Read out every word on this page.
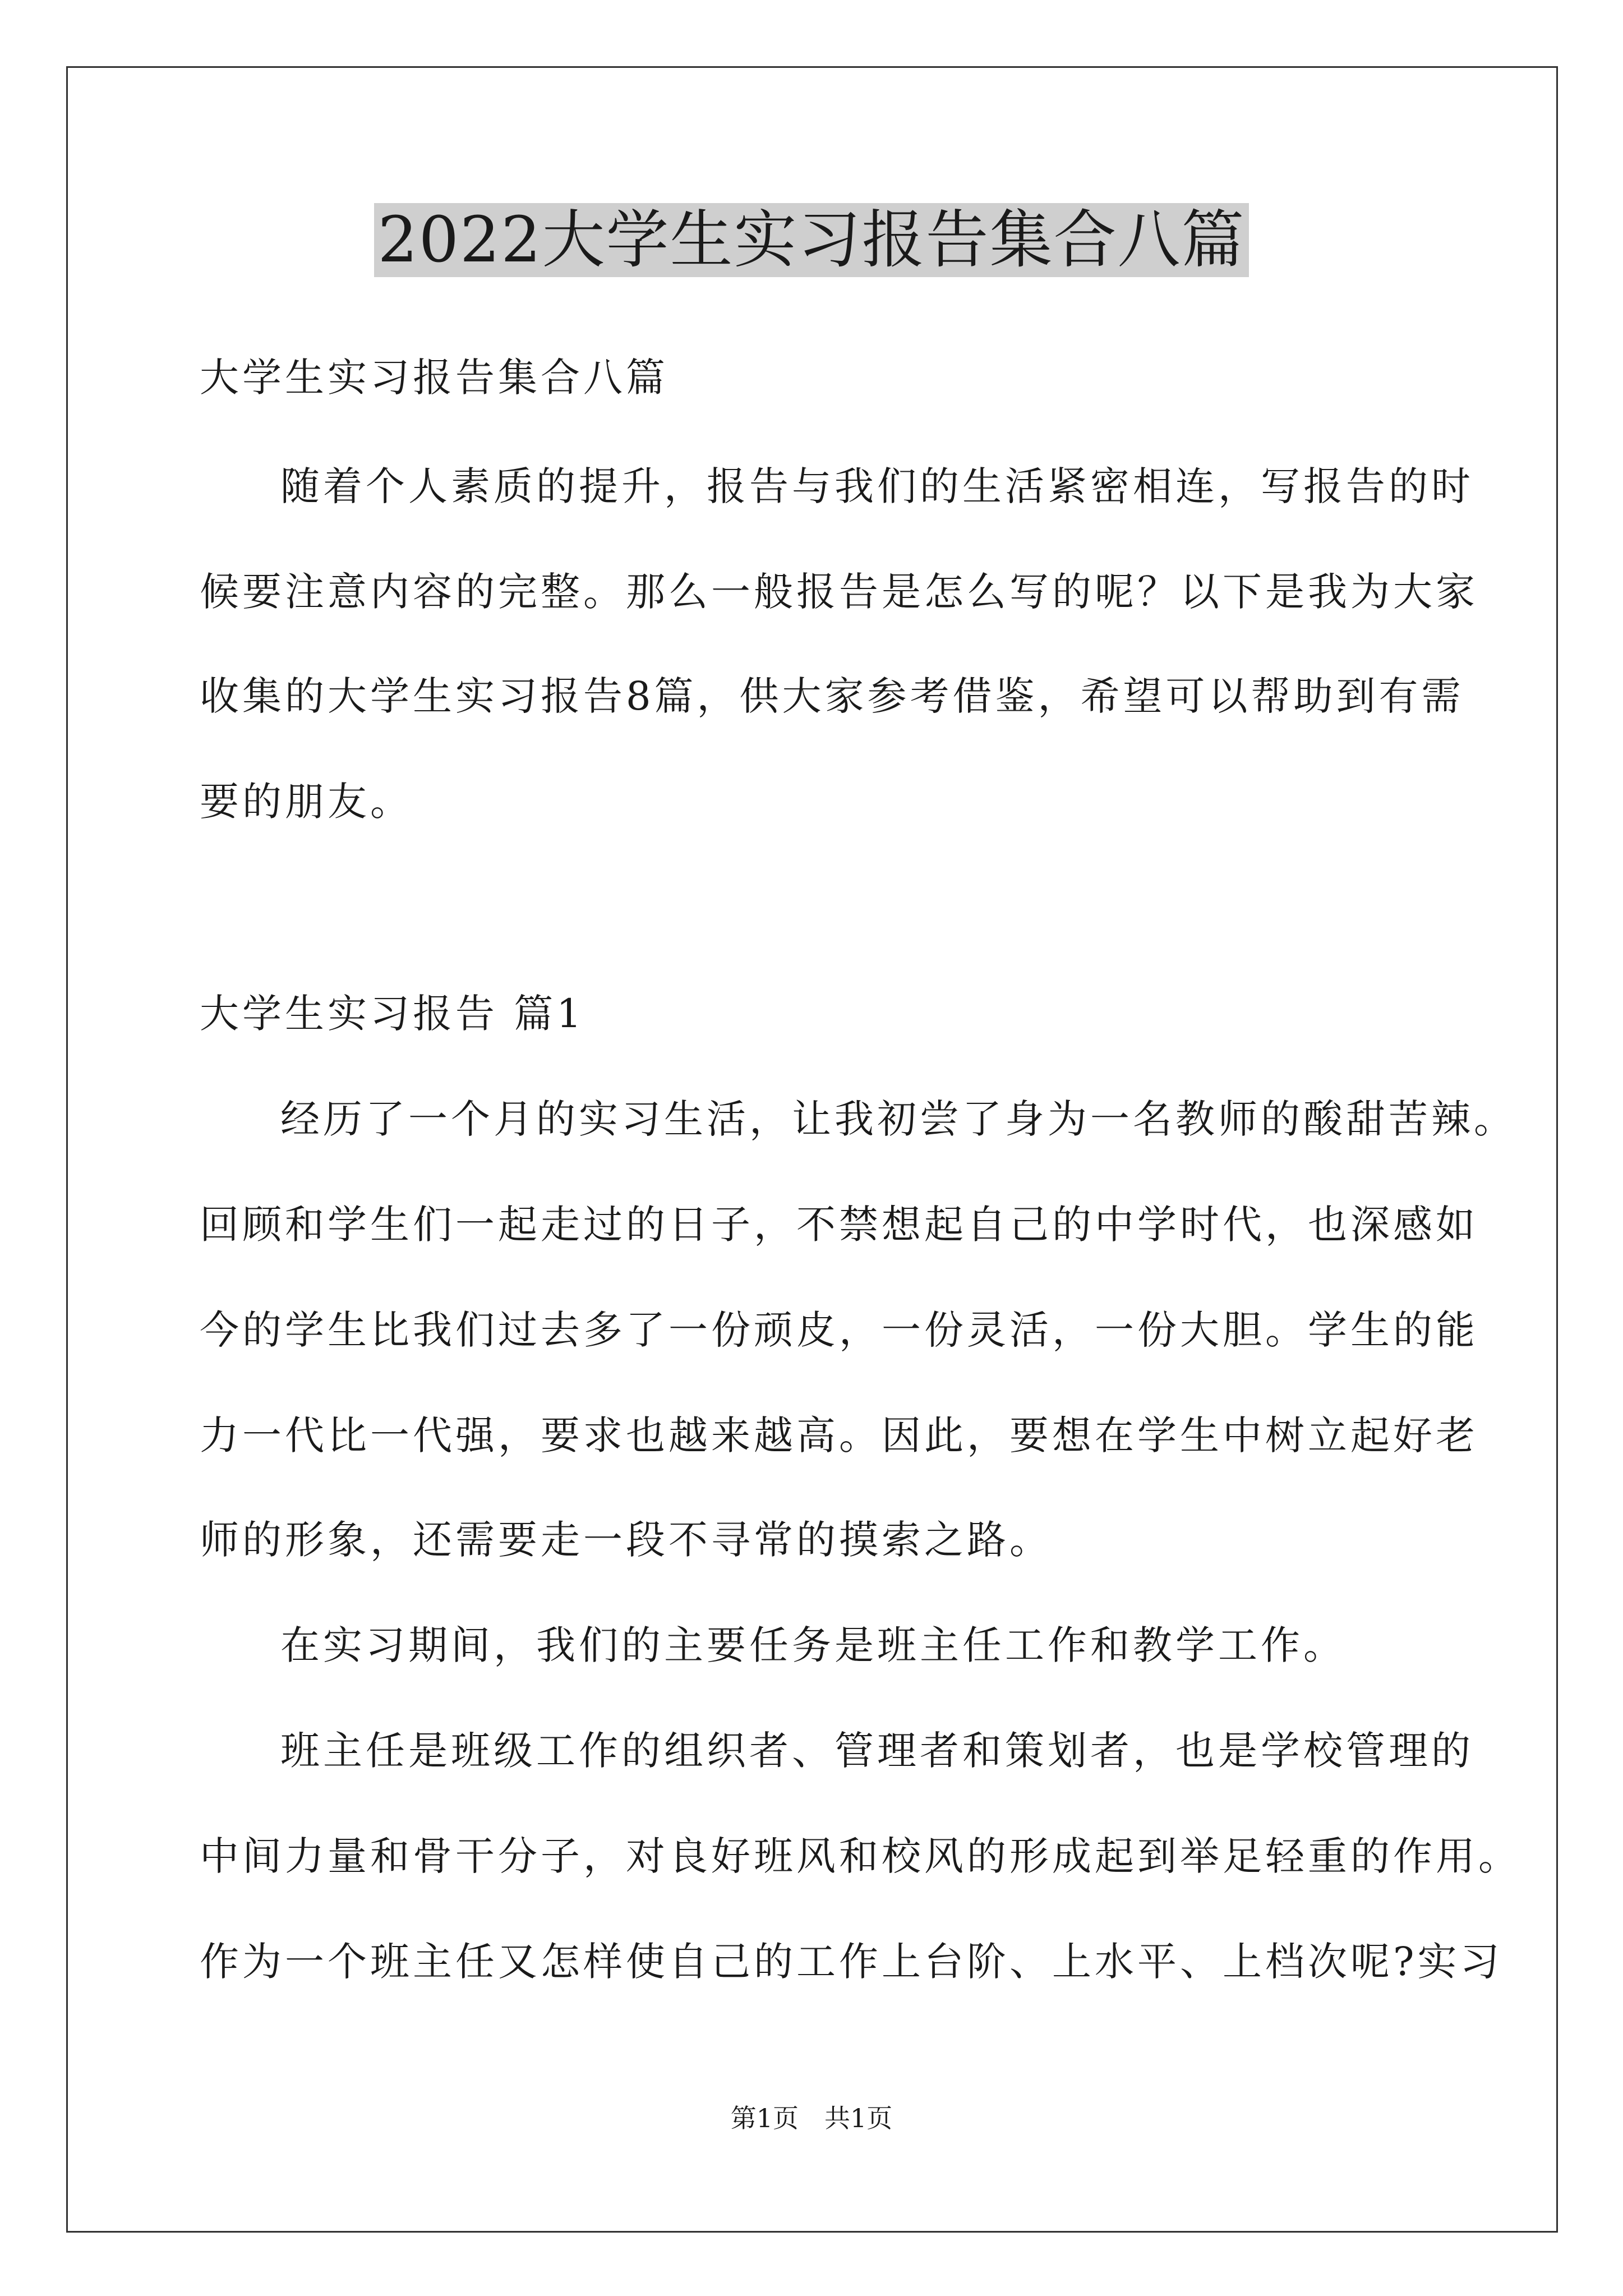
2022大学生实习报告集合八篇
大学生实习报告集合八篇
随着个人素质的提升，报告与我们的生活紧密相连，写报告的时
候要注意内容的完整。那么一般报告是怎么写的呢？以下是我为大家
收集的大学生实习报告8篇，供大家参考借鉴，希望可以帮助到有需
要的朋友。
大学生实习报告 篇1
经历了一个月的实习生活，让我初尝了身为一名教师的酸甜苦辣。
回顾和学生们一起走过的日子，不禁想起自己的中学时代，也深感如
今的学生比我们过去多了一份顽皮，一份灵活，一份大胆。学生的能
力一代比一代强，要求也越来越高。因此，要想在学生中树立起好老
师的形象，还需要走一段不寻常的摸索之路。
在实习期间，我们的主要任务是班主任工作和教学工作。
班主任是班级工作的组织者、管理者和策划者，也是学校管理的
中间力量和骨干分子，对良好班风和校风的形成起到举足轻重的作用。
作为一个班主任又怎样使自己的工作上台阶、上水平、上档次呢?实习
第1页 共1页
